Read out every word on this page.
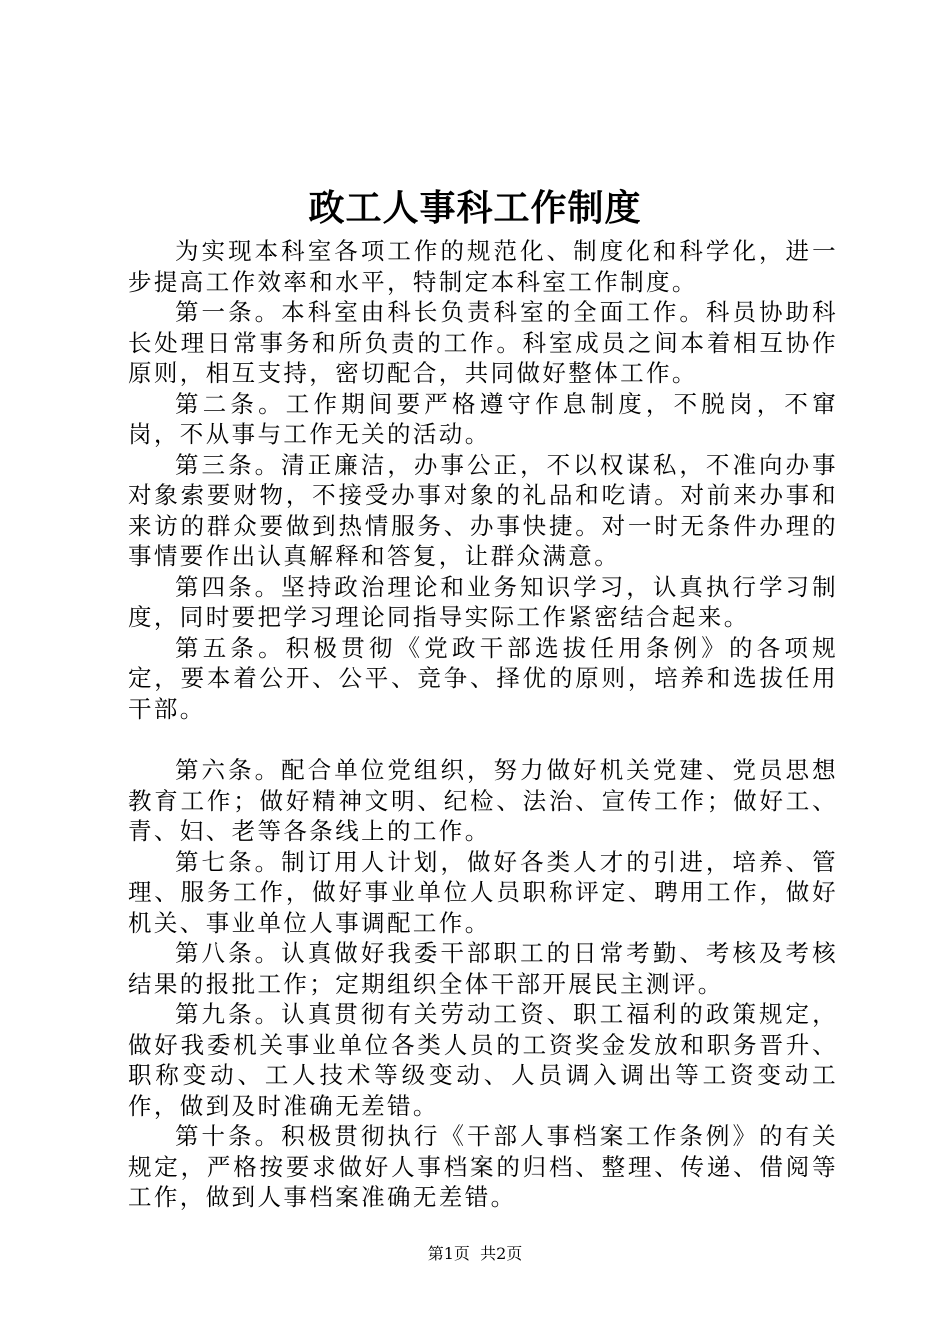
政工人事科工作制度

为实现本科室各项工作的规范化、制度化和科学化，进一步提高工作效率和水平，特制定本科室工作制度。

第一条。本科室由科长负责科室的全面工作。科员协助科长处理日常事务和所负责的工作。科室成员之间本着相互协作原则，相互支持，密切配合，共同做好整体工作。

第二条。工作期间要严格遵守作息制度，不脱岗，不窜岗，不从事与工作无关的活动。

第三条。清正廉洁，办事公正，不以权谋私，不准向办事对象索要财物，不接受办事对象的礼品和吃请。对前来办事和来访的群众要做到热情服务、办事快捷。对一时无条件办理的事情要作出认真解释和答复，让群众满意。

第四条。坚持政治理论和业务知识学习，认真执行学习制度，同时要把学习理论同指导实际工作紧密结合起来。

第五条。积极贯彻《党政干部选拔任用条例》的各项规定，要本着公开、公平、竞争、择优的原则，培养和选拔任用干部。

第六条。配合单位党组织，努力做好机关党建、党员思想教育工作；做好精神文明、纪检、法治、宣传工作；做好工、青、妇、老等各条线上的工作。

第七条。制订用人计划，做好各类人才的引进，培养、管理、服务工作，做好事业单位人员职称评定、聘用工作，做好机关、事业单位人事调配工作。

第八条。认真做好我委干部职工的日常考勤、考核及考核结果的报批工作；定期组织全体干部开展民主测评。

第九条。认真贯彻有关劳动工资、职工福利的政策规定，做好我委机关事业单位各类人员的工资奖金发放和职务晋升、职称变动、工人技术等级变动、人员调入调出等工资变动工作，做到及时准确无差错。

第十条。积极贯彻执行《干部人事档案工作条例》的有关规定，严格按要求做好人事档案的归档、整理、传递、借阅等工作，做到人事档案准确无差错。

第1页  共2页
